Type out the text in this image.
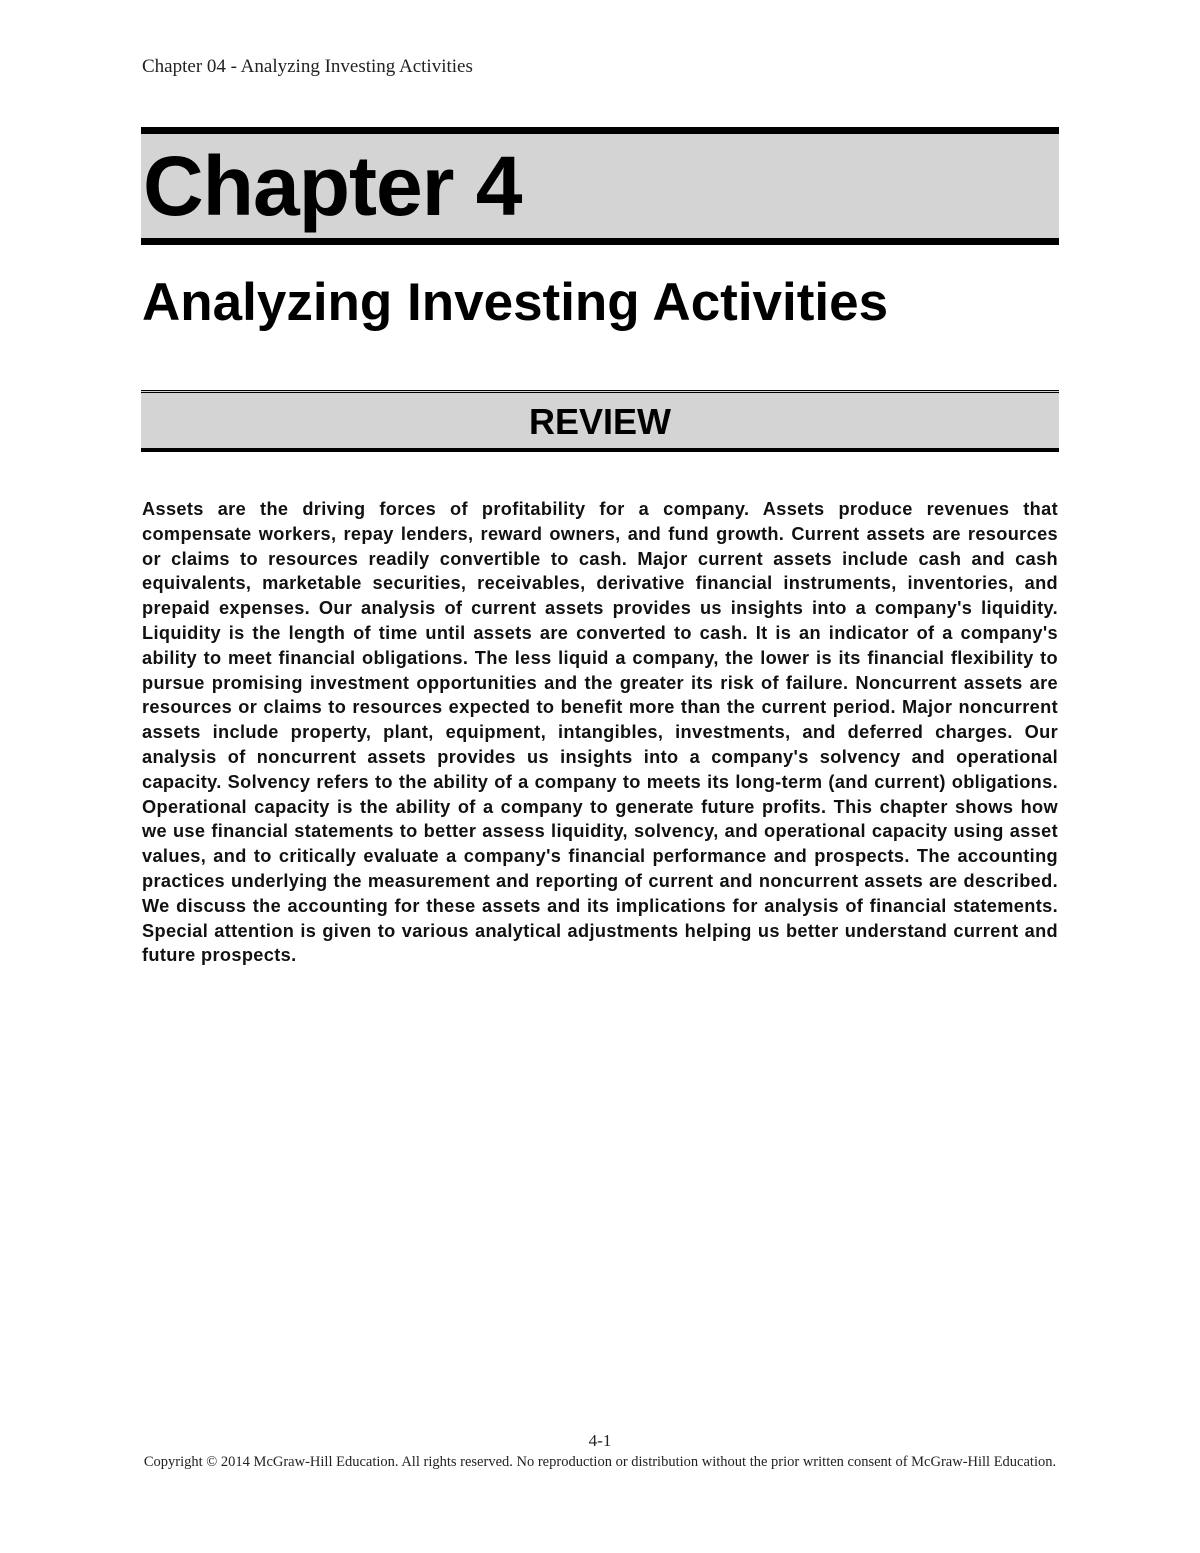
Chapter 04 - Analyzing Investing Activities
Chapter 4
Analyzing Investing Activities
REVIEW

Assets are the driving forces of profitability for a company. Assets produce revenues that compensate workers, repay lenders, reward owners, and fund growth. Current assets are resources or claims to resources readily convertible to cash. Major current assets include cash and cash equivalents, marketable securities, receivables, derivative financial instruments, inventories, and prepaid expenses. Our analysis of current assets provides us insights into a company's liquidity. Liquidity is the length of time until assets are converted to cash. It is an indicator of a company's ability to meet financial obligations. The less liquid a company, the lower is its financial flexibility to pursue promising investment opportunities and the greater its risk of failure. Noncurrent assets are resources or claims to resources expected to benefit more than the current period. Major noncurrent assets include property, plant, equipment, intangibles, investments, and deferred charges. Our analysis of noncurrent assets provides us insights into a company's solvency and operational capacity. Solvency refers to the ability of a company to meets its long-term (and current) obligations. Operational capacity is the ability of a company to generate future profits. This chapter shows how we use financial statements to better assess liquidity, solvency, and operational capacity using asset values, and to critically evaluate a company's financial performance and prospects. The accounting practices underlying the measurement and reporting of current and noncurrent assets are described. We discuss the accounting for these assets and its implications for analysis of financial statements. Special attention is given to various analytical adjustments helping us better understand current and future prospects.

4-1

Copyright © 2014 McGraw-Hill Education. All rights reserved. No reproduction or distribution without the prior written consent of McGraw-Hill Education.
